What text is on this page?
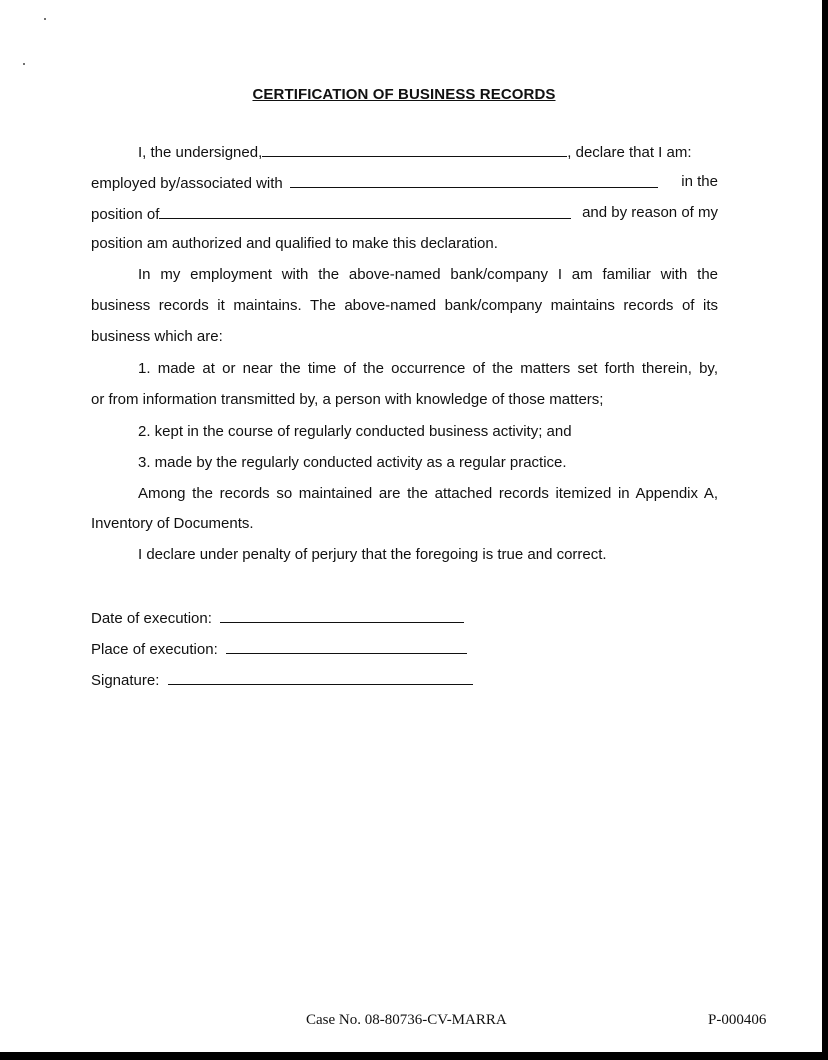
CERTIFICATION OF BUSINESS RECORDS
I, the undersigned,	, declare that I am:
employed by/associated with	in the
position of	and by reason of my
position am authorized and qualified to make this declaration.
In my employment with the above-named bank/company I am familiar with the
business records it maintains. The above-named bank/company maintains records of its
business which are:
1. made at or near the time of the occurrence of the matters set forth therein, by,
or from information transmitted by, a person with knowledge of those matters;
2. kept in the course of regularly conducted business activity; and
3. made by the regularly conducted activity as a regular practice.
Among the records so maintained are the attached records itemized in Appendix A,
Inventory of Documents.
I declare under penalty of perjury that the foregoing is true and correct.
Date of execution:
Place of execution:
Signature:
Case No. 08-80736-CV-MARRA	P-000406
